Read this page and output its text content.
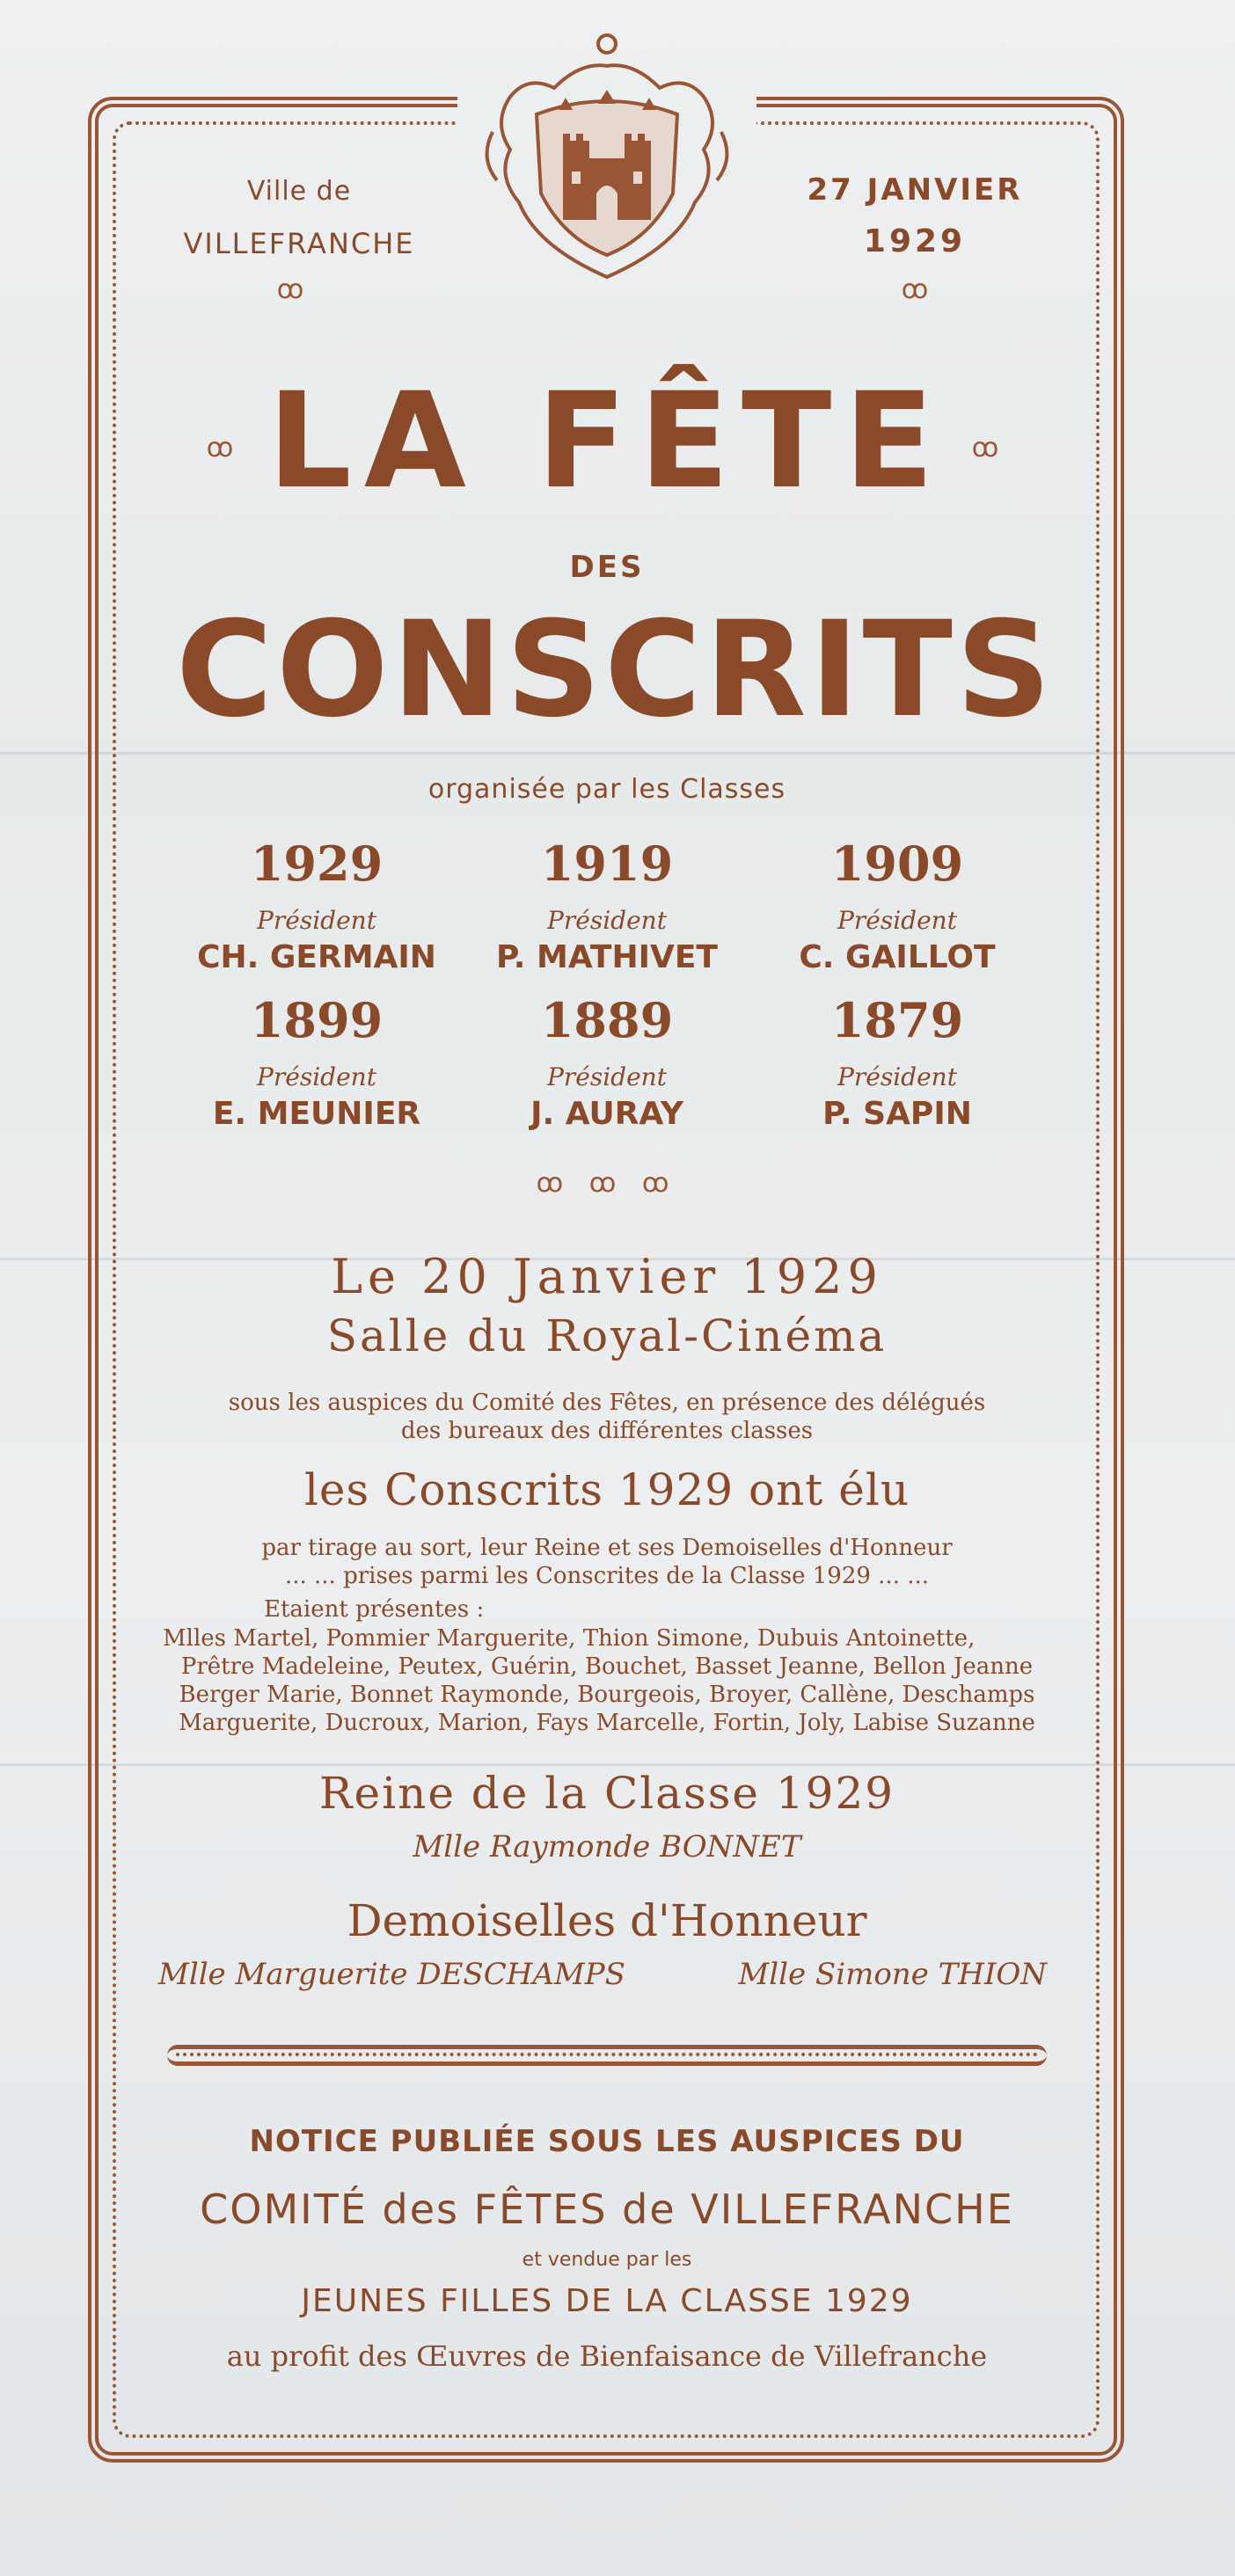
Ville de
VILLEFRANCHE
ꝏ
27 JANVIER
1929
ꝏ
ꝏ	ꝏ
LA FÊTE
DES
CONSCRITS
organisée par les Classes
1929
Président
CH. GERMAIN
1919
Président
P. MATHIVET
1909
Président
C. GAILLOT
1899
Président
E. MEUNIER
1889
Président
J. AURAY
1879
Président
P. SAPIN
ꝏ ꝏ ꝏ
Le 20 Janvier 1929
Salle du Royal-Cinéma
sous les auspices du Comité des Fêtes, en présence des délégués
des bureaux des différentes classes
les Conscrits 1929 ont élu
par tirage au sort, leur Reine et ses Demoiselles d'Honneur
... ... prises parmi les Conscrites de la Classe 1929 ... ...
Etaient présentes :
Mlles Martel, Pommier Marguerite, Thion Simone, Dubuis Antoinette,
Prêtre Madeleine, Peutex, Guérin, Bouchet, Basset Jeanne, Bellon Jeanne
Berger Marie, Bonnet Raymonde, Bourgeois, Broyer, Callène, Deschamps
Marguerite, Ducroux, Marion, Fays Marcelle, Fortin, Joly, Labise Suzanne
Reine de la Classe 1929
Mlle Raymonde BONNET
Demoiselles d'Honneur
Mlle Marguerite DESCHAMPS	Mlle Simone THION
NOTICE PUBLIÉE SOUS LES AUSPICES DU
COMITÉ des FÊTES de VILLEFRANCHE
et vendue par les
JEUNES FILLES DE LA CLASSE 1929
au profit des Œuvres de Bienfaisance de Villefranche
